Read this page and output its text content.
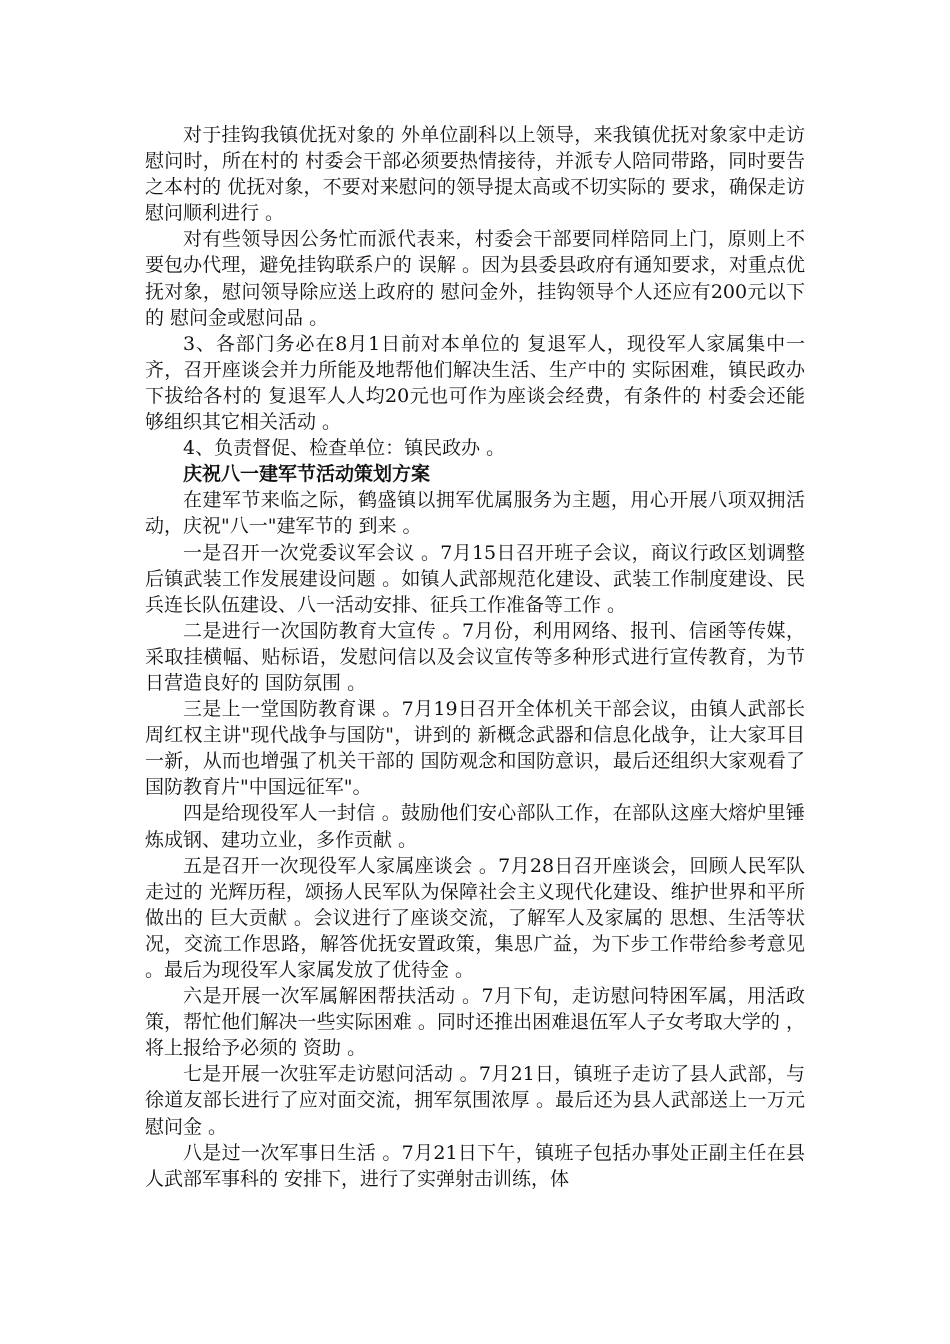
对于挂钩我镇优抚对象的 外单位副科以上领导，来我镇优抚对象家中走访慰问时，所在村的 村委会干部必须要热情接待，并派专人陪同带路，同时要告之本村的 优抚对象，不要对来慰问的领导提太高或不切实际的 要求，确保走访慰问顺利进行 。

对有些领导因公务忙而派代表来，村委会干部要同样陪同上门，原则上不要包办代理，避免挂钩联系户的 误解 。因为县委县政府有通知要求，对重点优抚对象，慰问领导除应送上政府的 慰问金外，挂钩领导个人还应有200元以下的 慰问金或慰问品 。

3、各部门务必在8月1日前对本单位的 复退军人，现役军人家属集中一齐，召开座谈会并力所能及地帮他们解决生活、生产中的 实际困难，镇民政办下拔给各村的 复退军人人均20元也可作为座谈会经费，有条件的 村委会还能够组织其它相关活动 。

4、负责督促、检查单位：镇民政办 。

庆祝八一建军节活动策划方案

在建军节来临之际，鹤盛镇以拥军优属服务为主题，用心开展八项双拥活动，庆祝"八一"建军节的 到来 。

一是召开一次党委议军会议 。7月15日召开班子会议，商议行政区划调整后镇武装工作发展建设问题 。如镇人武部规范化建设、武装工作制度建设、民兵连长队伍建设、八一活动安排、征兵工作准备等工作 。

二是进行一次国防教育大宣传 。7月份，利用网络、报刊、信函等传媒，采取挂横幅、贴标语，发慰问信以及会议宣传等多种形式进行宣传教育，为节日营造良好的 国防氛围 。

三是上一堂国防教育课 。7月19日召开全体机关干部会议，由镇人武部长周红权主讲"现代战争与国防"，讲到的 新概念武器和信息化战争，让大家耳目一新，从而也增强了机关干部的 国防观念和国防意识，最后还组织大家观看了国防教育片"中国远征军"。

四是给现役军人一封信 。鼓励他们安心部队工作，在部队这座大熔炉里锤炼成钢、建功立业，多作贡献 。

五是召开一次现役军人家属座谈会 。7月28日召开座谈会，回顾人民军队走过的 光辉历程，颂扬人民军队为保障社会主义现代化建设、维护世界和平所做出的 巨大贡献 。会议进行了座谈交流，了解军人及家属的 思想、生活等状况，交流工作思路，解答优抚安置政策，集思广益，为下步工作带给参考意见 。最后为现役军人家属发放了优待金 。

六是开展一次军属解困帮扶活动 。7月下旬，走访慰问特困军属，用活政策，帮忙他们解决一些实际困难 。同时还推出困难退伍军人子女考取大学的 ，将上报给予必须的 资助 。

七是开展一次驻军走访慰问活动 。7月21日，镇班子走访了县人武部，与徐道友部长进行了应对面交流，拥军氛围浓厚 。最后还为县人武部送上一万元慰问金 。

八是过一次军事日生活 。7月21日下午，镇班子包括办事处正副主任在县人武部军事科的 安排下，进行了实弹射击训练，体
